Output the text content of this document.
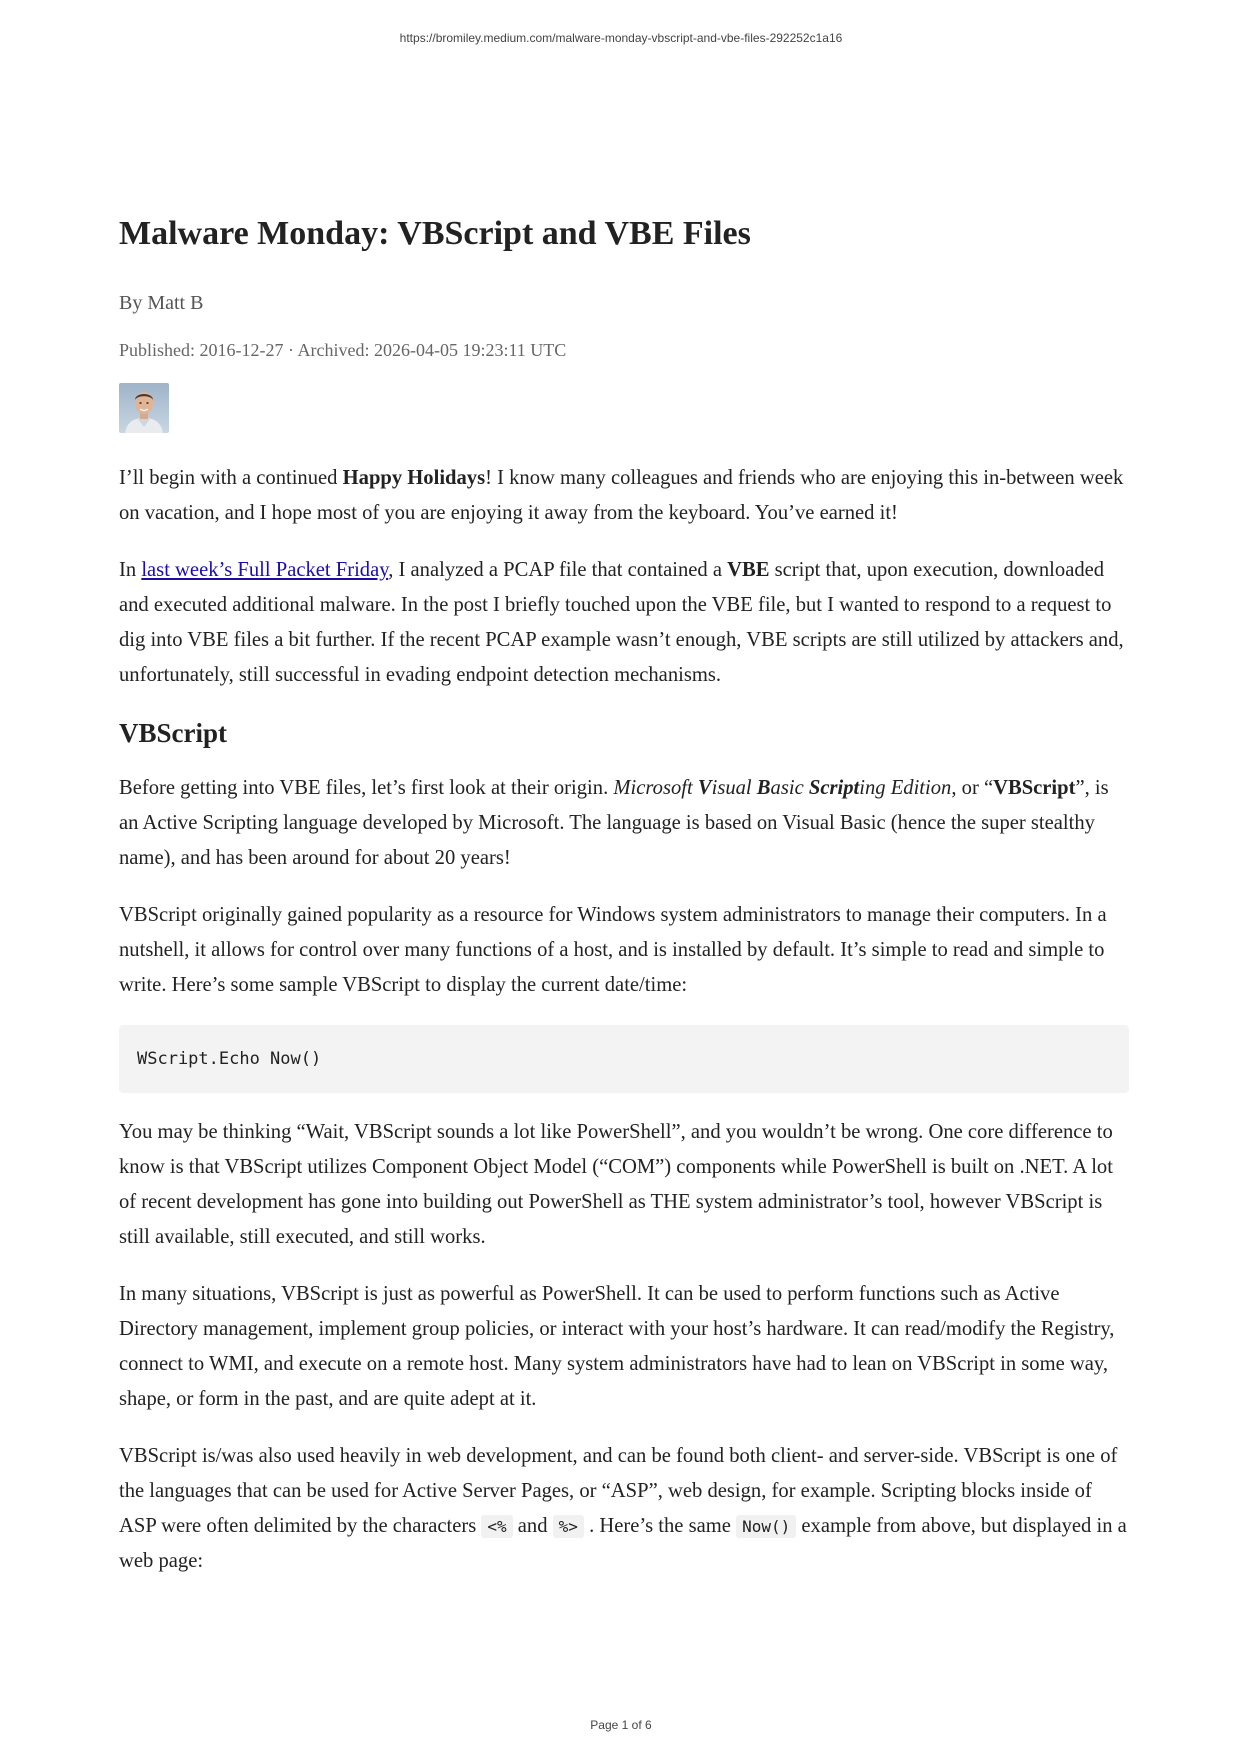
https://bromiley.medium.com/malware-monday-vbscript-and-vbe-files-292252c1a16
Malware Monday: VBScript and VBE Files
By Matt B
Published: 2016-12-27 · Archived: 2026-04-05 19:23:11 UTC

I’ll begin with a continued Happy Holidays! I know many colleagues and friends who are enjoying this in-between week on vacation, and I hope most of you are enjoying it away from the keyboard. You’ve earned it!

In last week’s Full Packet Friday, I analyzed a PCAP file that contained a VBE script that, upon execution, downloaded and executed additional malware. In the post I briefly touched upon the VBE file, but I wanted to respond to a request to dig into VBE files a bit further. If the recent PCAP example wasn’t enough, VBE scripts are still utilized by attackers and, unfortunately, still successful in evading endpoint detection mechanisms.

VBScript

Before getting into VBE files, let’s first look at their origin. Microsoft Visual Basic Scripting Edition, or “VBScript”, is an Active Scripting language developed by Microsoft. The language is based on Visual Basic (hence the super stealthy name), and has been around for about 20 years!

VBScript originally gained popularity as a resource for Windows system administrators to manage their computers. In a nutshell, it allows for control over many functions of a host, and is installed by default. It’s simple to read and simple to write. Here’s some sample VBScript to display the current date/time:

WScript.Echo Now()

You may be thinking “Wait, VBScript sounds a lot like PowerShell”, and you wouldn’t be wrong. One core difference to know is that VBScript utilizes Component Object Model (“COM”) components while PowerShell is built on .NET. A lot of recent development has gone into building out PowerShell as THE system administrator’s tool, however VBScript is still available, still executed, and still works.

In many situations, VBScript is just as powerful as PowerShell. It can be used to perform functions such as Active Directory management, implement group policies, or interact with your host’s hardware. It can read/modify the Registry, connect to WMI, and execute on a remote host. Many system administrators have had to lean on VBScript in some way, shape, or form in the past, and are quite adept at it.

VBScript is/was also used heavily in web development, and can be found both client- and server-side. VBScript is one of the languages that can be used for Active Server Pages, or “ASP”, web design, for example. Scripting blocks inside of ASP were often delimited by the characters <% and %> . Here’s the same Now() example from above, but displayed in a web page:

Page 1 of 6
